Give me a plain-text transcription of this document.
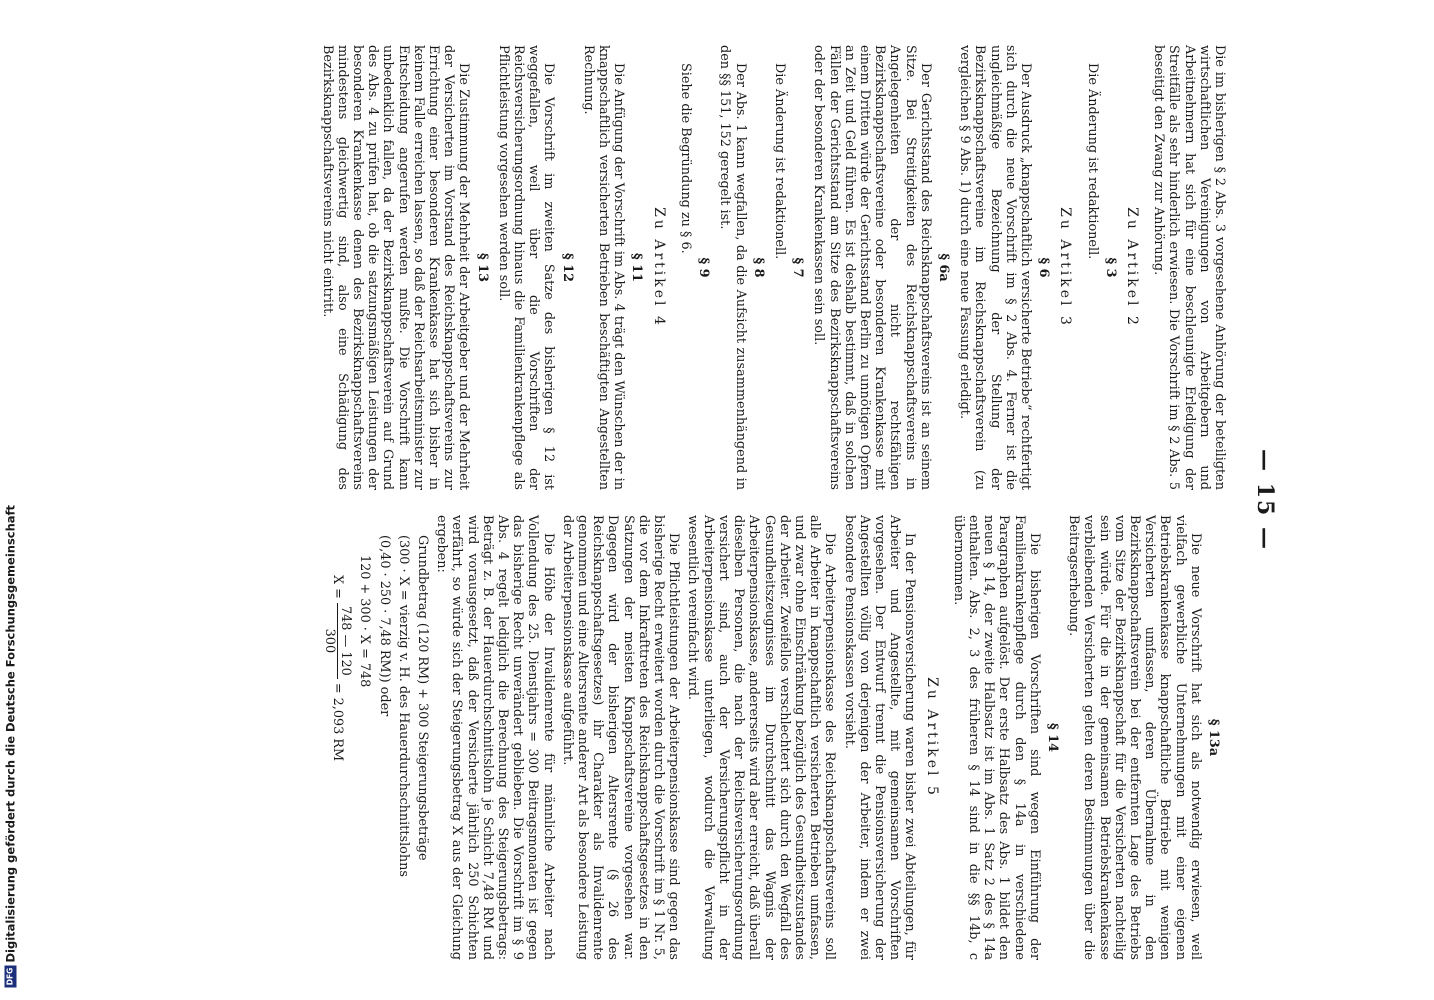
DFG
Digitalisierung gefördert durch die Deutsche Forschungsgemeinschaft
— 15 —

Die im bisherigen § 2 Abs. 3 vorgesehene Anhörung der beteiligten wirtschaftlichen Vereinigungen von Arbeitgebern und Arbeitnehmern hat sich für eine beschleunigte Erledigung der Streitfälle als sehr hinderlich erwiesen. Die Vorschrift im § 2 Abs. 5 beseitigt den Zwang zur Anhörung.

Zu Artikel 2
§ 3

Die Änderung ist redaktionell.

Zu Artikel 3
§ 6

Der Ausdruck „knappschaftlich versicherte Betriebe“ rechtfertigt sich durch die neue Vorschrift im § 2 Abs. 4. Ferner ist die ungleichmäßige Bezeichnung der Stellung der Bezirksknappschaftsvereine im Reichsknappschaftsverein (zu vergleichen § 9 Abs. 1) durch eine neue Fassung erledigt.

§ 6a

Der Gerichtsstand des Reichsknappschaftsvereins ist an seinem Sitze. Bei Streitigkeiten des Reichsknappschaftsvereins in Angelegenheiten der nicht rechtsfähigen Bezirksknappschaftsvereine oder besonderen Krankenkasse mit einem Dritten würde der Gerichtsstand Berlin zu unnötigen Opfern an Zeit und Geld führen. Es ist deshalb bestimmt, daß in solchen Fällen der Gerichtsstand am Sitze des Bezirksknappschaftsvereins oder der besonderen Krankenkassen sein soll.

§ 7

Die Änderung ist redaktionell.

§ 8

Der Abs. 1 kann wegfallen, da die Aufsicht zusammenhängend in den §§ 151, 152 geregelt ist.

§ 9

Siehe die Begründung zu § 6.

Zu Artikel 4
§ 11

Die Anfügung der Vorschrift im Abs. 4 trägt den Wünschen der in knappschaftlich versicherten Betrieben beschäftigten Angestellten Rechnung.

§ 12

Die Vorschrift im zweiten Satze des bisherigen § 12 ist weggefallen, weil über die Vorschriften der Reichsversicherungsordnung hinaus die Familienkrankenpflege als Pflichtleistung vorgesehen werden soll.

§ 13

Die Zustimmung der Mehrheit der Arbeitgeber und der Mehrheit der Versicherten im Vorstand des Reichsknappschaftsvereins zur Errichtung einer besonderen Krankenkasse hat sich bisher in keinem Falle erreichen lassen, so daß der Reichsarbeitsminister zur Entscheidung angerufen werden mußte. Die Vorschrift kann unbedenklich fallen, da der Bezirksknappschaftsverein auf Grund des Abs. 4 zu prüfen hat, ob die satzungsmäßigen Leistungen der besonderen Krankenkasse denen des Bezirksknappschaftsvereins mindestens gleichwertig sind, also eine Schädigung des Bezirksknappschaftsvereins nicht eintritt.

§ 13a

Die neue Vorschrift hat sich als notwendig erwiesen, weil vielfach gewerbliche Unternehmungen mit einer eigenen Betriebskrankenkasse knappschaftliche Betriebe mit wenigen Versicherten umfassen, deren Übernahme in den Bezirksknappschaftsverein bei der entfernten Lage des Betriebs vom Sitze der Bezirksknappschaft für die Versicherten nachteilig sein würde. Für die in der gemeinsamen Betriebskrankenkasse verbleibenden Versicherten gelten deren Bestimmungen über die Beitragserhebung.

§ 14

Die bisherigen Vorschriften sind wegen Einführung der Familienkrankenpflege durch den § 14a in verschiedene Paragraphen aufgelöst. Der erste Halbsatz des Abs. 1 bildet den neuen § 14, der zweite Halbsatz ist im Abs. 1 Satz 2 des § 14a enthalten. Abs. 2, 3 des früheren § 14 sind in die §§ 14b, c übernommen.

Zu Artikel 5

In der Pensionsversicherung waren bisher zwei Abteilungen, für Arbeiter und Angestellte, mit gemeinsamen Vorschriften vorgesehen. Der Entwurf trennt die Pensionsversicherung der Angestellten völlig von derjenigen der Arbeiter, indem er zwei besondere Pensionskassen vorsieht.

Die Arbeiterpensionskasse des Reichsknappschaftsvereins soll alle Arbeiter in knappschaftlich versicherten Betrieben umfassen, und zwar ohne Einschränkung bezüglich des Gesundheitszustandes der Arbeiter. Zweifellos verschlechtert sich durch den Wegfall des Gesundheitszeugnisses im Durchschnitt das Wagnis der Arbeiterpensionskasse, andererseits wird aber erreicht, daß überall dieselben Personen, die nach der Reichsversicherungsordnung versichert sind, auch der Versicherungspflicht in der Arbeiterpensionskasse unterliegen, wodurch die Verwaltung wesentlich vereinfacht wird.

Die Pflichtleistungen der Arbeiterpensionskasse sind gegen das bisherige Recht erweitert worden durch die Vorschrift im § 1 Nr. 5, die vor dem Inkrafttreten des Reichsknappschaftsgesetzes in den Satzungen der meisten Knappschaftsvereine vorgesehen war. Dagegen wird der bisherigen Altersrente (§ 26 des Reichsknappschaftsgesetzes) ihr Charakter als Invalidenrente genommen und eine Altersrente anderer Art als besondere Leistung der Arbeiterpensionskasse aufgeführt.

Die Höhe der Invalidenrente für männliche Arbeiter nach Vollendung des 25. Dienstjahrs = 300 Beitragsmonaten ist gegen das bisherige Recht unverändert geblieben. Die Vorschrift im § 9 Abs. 4 regelt lediglich die Berechnung des Steigerungsbetrags: Beträgt z. B. der Hauerdurchschnittslohn je Schicht 7,48 RM und wird vorausgesetzt, daß der Versicherte jährlich 250 Schichten verfährt, so würde sich der Steigerungsbetrag X aus der Gleichung ergeben:

Grundbetrag (120 RM) + 300 Steigerungsbeträge
(300 · X = vierzig v. H. des Hauerdurchschnittslohns
(0,40 · 250 · 7,48 RM)) oder
120 + 300 · X = 748
X =
748 — 120
300
= 2,093 RM
